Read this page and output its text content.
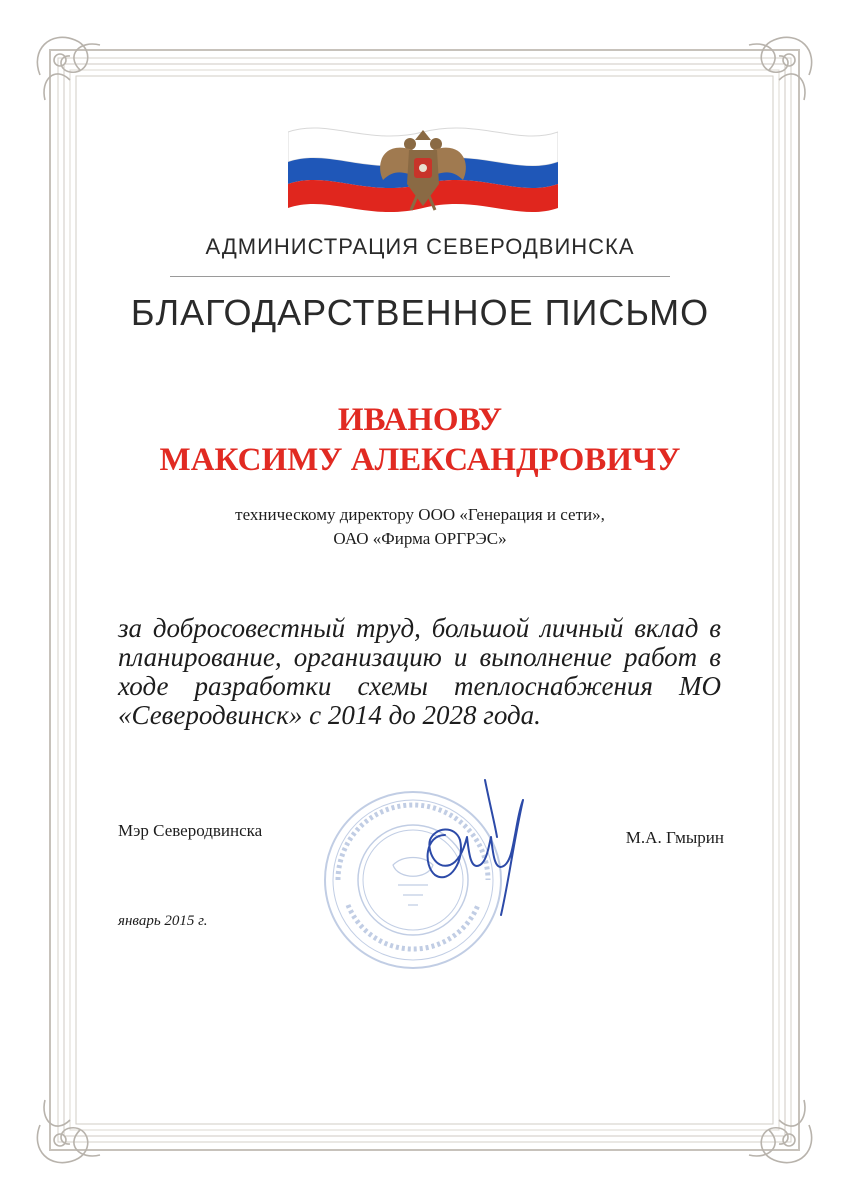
АДМИНИСТРАЦИЯ СЕВЕРОДВИНСКА
БЛАГОДАРСТВЕННОЕ ПИСЬМО
ИВАНОВУ
МАКСИМУ АЛЕКСАНДРОВИЧУ
техническому директору ООО «Генерация и сети»,
ОАО «Фирма ОРГРЭС»
за добросовестный труд, большой личный вклад в планирование, организацию и выполнение работ в ходе разработки схемы теплоснабжения МО «Северодвинск» с 2014 до 2028 года.
Мэр Северодвинска	М.А. Гмырин
январь 2015 г.
